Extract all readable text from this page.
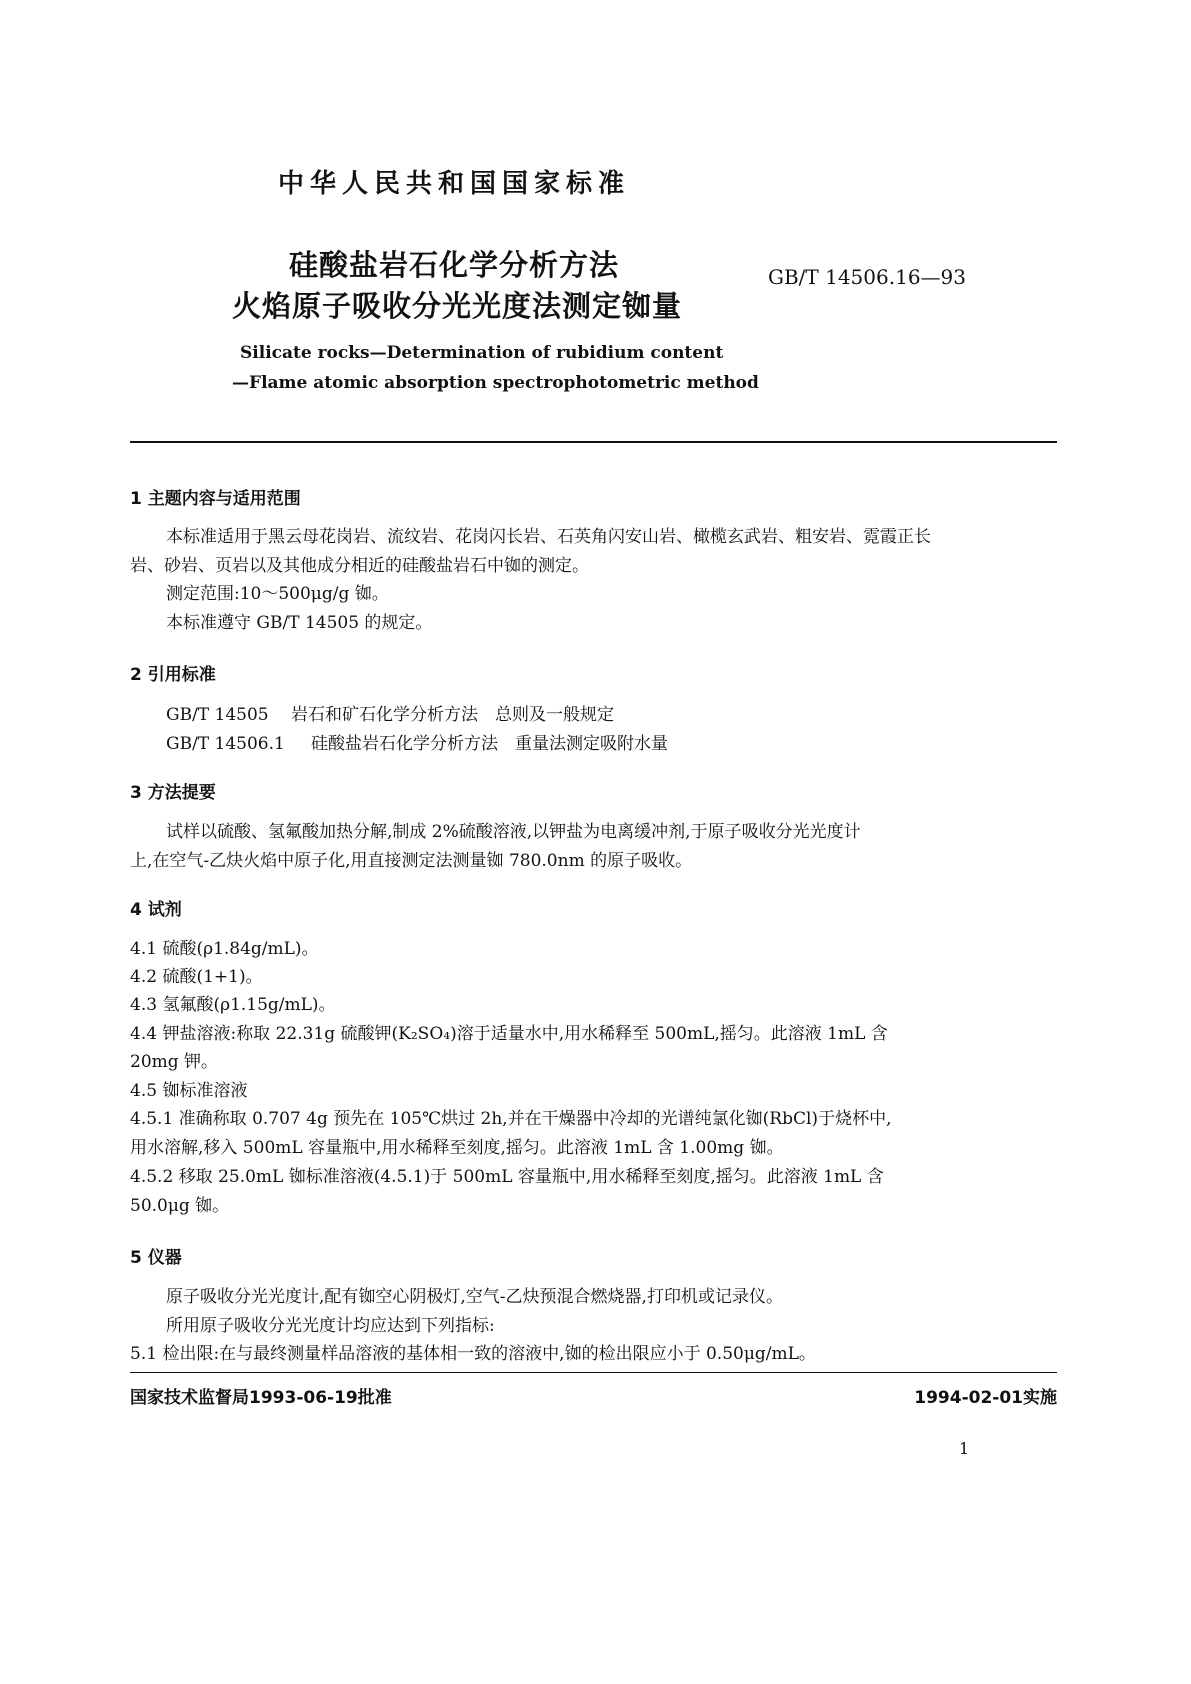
中华人民共和国国家标准
硅酸盐岩石化学分析方法
火焰原子吸收分光光度法测定铷量
GB/T 14506.16—93
Silicate rocks—Determination of rubidium content
—Flame atomic absorption spectrophotometric method
1 主题内容与适用范围
本标准适用于黑云母花岗岩、流纹岩、花岗闪长岩、石英角闪安山岩、橄榄玄武岩、粗安岩、霓霞正长
岩、砂岩、页岩以及其他成分相近的硅酸盐岩石中铷的测定。
测定范围:10～500μg/g 铷。
本标准遵守 GB/T 14505 的规定。
2 引用标准
GB/T 14505 岩石和矿石化学分析方法　总则及一般规定
GB/T 14506.1 硅酸盐岩石化学分析方法　重量法测定吸附水量
3 方法提要
试样以硫酸、氢氟酸加热分解,制成 2%硫酸溶液,以钾盐为电离缓冲剂,于原子吸收分光光度计
上,在空气-乙炔火焰中原子化,用直接测定法测量铷 780.0nm 的原子吸收。
4 试剂
4.1 硫酸(ρ1.84g/mL)。
4.2 硫酸(1+1)。
4.3 氢氟酸(ρ1.15g/mL)。
4.4 钾盐溶液:称取 22.31g 硫酸钾(K₂SO₄)溶于适量水中,用水稀释至 500mL,摇匀。此溶液 1mL 含
20mg 钾。
4.5 铷标准溶液
4.5.1 准确称取 0.707 4g 预先在 105℃烘过 2h,并在干燥器中冷却的光谱纯氯化铷(RbCl)于烧杯中,
用水溶解,移入 500mL 容量瓶中,用水稀释至刻度,摇匀。此溶液 1mL 含 1.00mg 铷。
4.5.2 移取 25.0mL 铷标准溶液(4.5.1)于 500mL 容量瓶中,用水稀释至刻度,摇匀。此溶液 1mL 含
50.0μg 铷。
5 仪器
原子吸收分光光度计,配有铷空心阴极灯,空气-乙炔预混合燃烧器,打印机或记录仪。
所用原子吸收分光光度计均应达到下列指标:
5.1 检出限:在与最终测量样品溶液的基体相一致的溶液中,铷的检出限应小于 0.50μg/mL。
国家技术监督局1993-06-19批准	1994-02-01实施
1
